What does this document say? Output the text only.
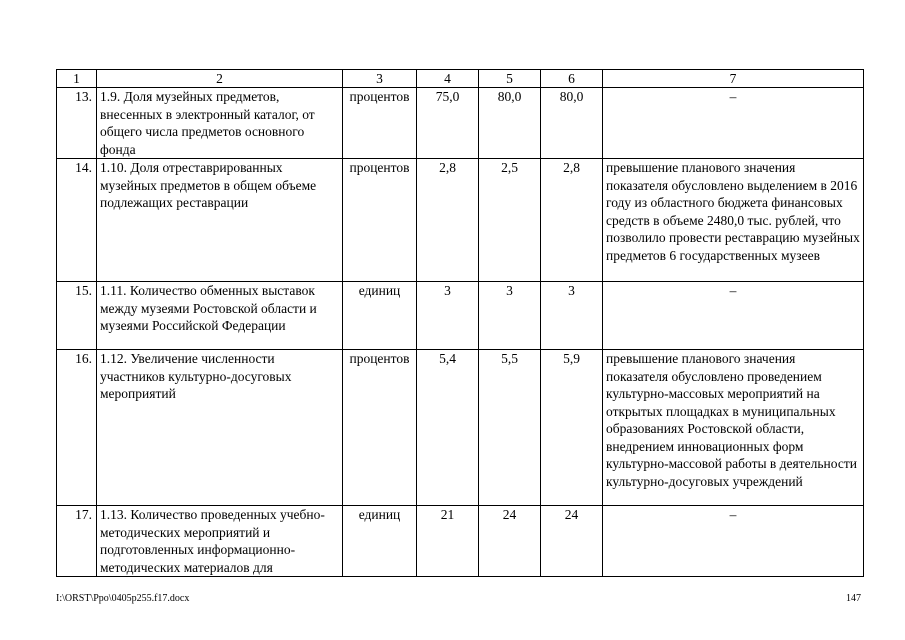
1	2	3	4	5	6	7
13.	1.9. Доля музейных предметов, внесенных в электронный каталог, от общего числа предметов основного фонда	процентов	75,0	80,0	80,0	–
14.	1.10. Доля отреставрированных музейных предметов в общем объеме подлежащих реставрации	процентов	2,8	2,5	2,8	превышение планового значения показателя обусловлено выделением в 2016 году из областного бюджета финансовых средств в объеме 2480,0 тыс. рублей, что позволило провести реставрацию музейных предметов 6 государственных музеев
15.	1.11. Количество обменных выставок между музеями Ростовской области и музеями Российской Федерации	единиц	3	3	3	–
16.	1.12. Увеличение численности участников культурно-досуговых мероприятий	процентов	5,4	5,5	5,9	превышение планового значения показателя обусловлено проведением культурно-массовых мероприятий на открытых площадках в муниципальных образованиях Ростовской области, внедрением инновационных форм культурно-массовой работы в деятельности культурно-досуговых учреждений
17.	1.13. Количество проведенных учебно-методических мероприятий и подготовленных информационно-методических материалов для	единиц	21	24	24	–
I:\ORST\Ppo\0405p255.f17.docx	147
